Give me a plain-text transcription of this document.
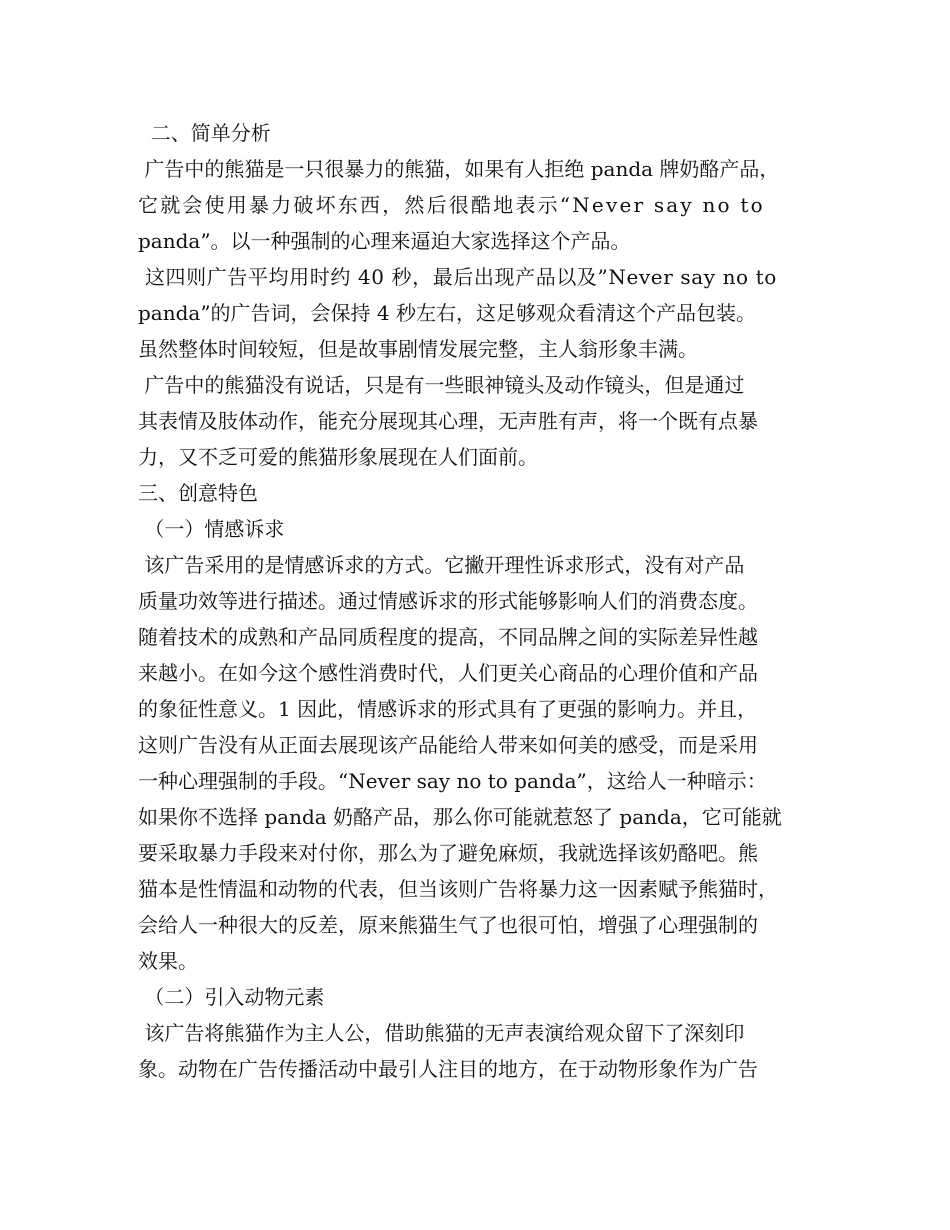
二、简单分析
广告中的熊猫是一只很暴力的熊猫，如果有人拒绝 panda 牌奶酪产品，
它就会使用暴力破坏东西，然后很酷地表示“Never say no to
panda”。以一种强制的心理来逼迫大家选择这个产品。
这四则广告平均用时约 40 秒，最后出现产品以及”Never say no to
panda”的广告词，会保持 4 秒左右，这足够观众看清这个产品包装。
虽然整体时间较短，但是故事剧情发展完整，主人翁形象丰满。
广告中的熊猫没有说话，只是有一些眼神镜头及动作镜头，但是通过
其表情及肢体动作，能充分展现其心理，无声胜有声，将一个既有点暴
力，又不乏可爱的熊猫形象展现在人们面前。
三、创意特色
（一）情感诉求
该广告采用的是情感诉求的方式。它撇开理性诉求形式，没有对产品
质量功效等进行描述。通过情感诉求的形式能够影响人们的消费态度。
随着技术的成熟和产品同质程度的提高，不同品牌之间的实际差异性越
来越小。在如今这个感性消费时代，人们更关心商品的心理价值和产品
的象征性意义。1 因此，情感诉求的形式具有了更强的影响力。并且，
这则广告没有从正面去展现该产品能给人带来如何美的感受，而是采用
一种心理强制的手段。“Never say no to panda”，这给人一种暗示：
如果你不选择 panda 奶酪产品，那么你可能就惹怒了 panda，它可能就
要采取暴力手段来对付你，那么为了避免麻烦，我就选择该奶酪吧。熊
猫本是性情温和动物的代表，但当该则广告将暴力这一因素赋予熊猫时，
会给人一种很大的反差，原来熊猫生气了也很可怕，增强了心理强制的
效果。
（二）引入动物元素
该广告将熊猫作为主人公，借助熊猫的无声表演给观众留下了深刻印
象。动物在广告传播活动中最引人注目的地方，在于动物形象作为广告
